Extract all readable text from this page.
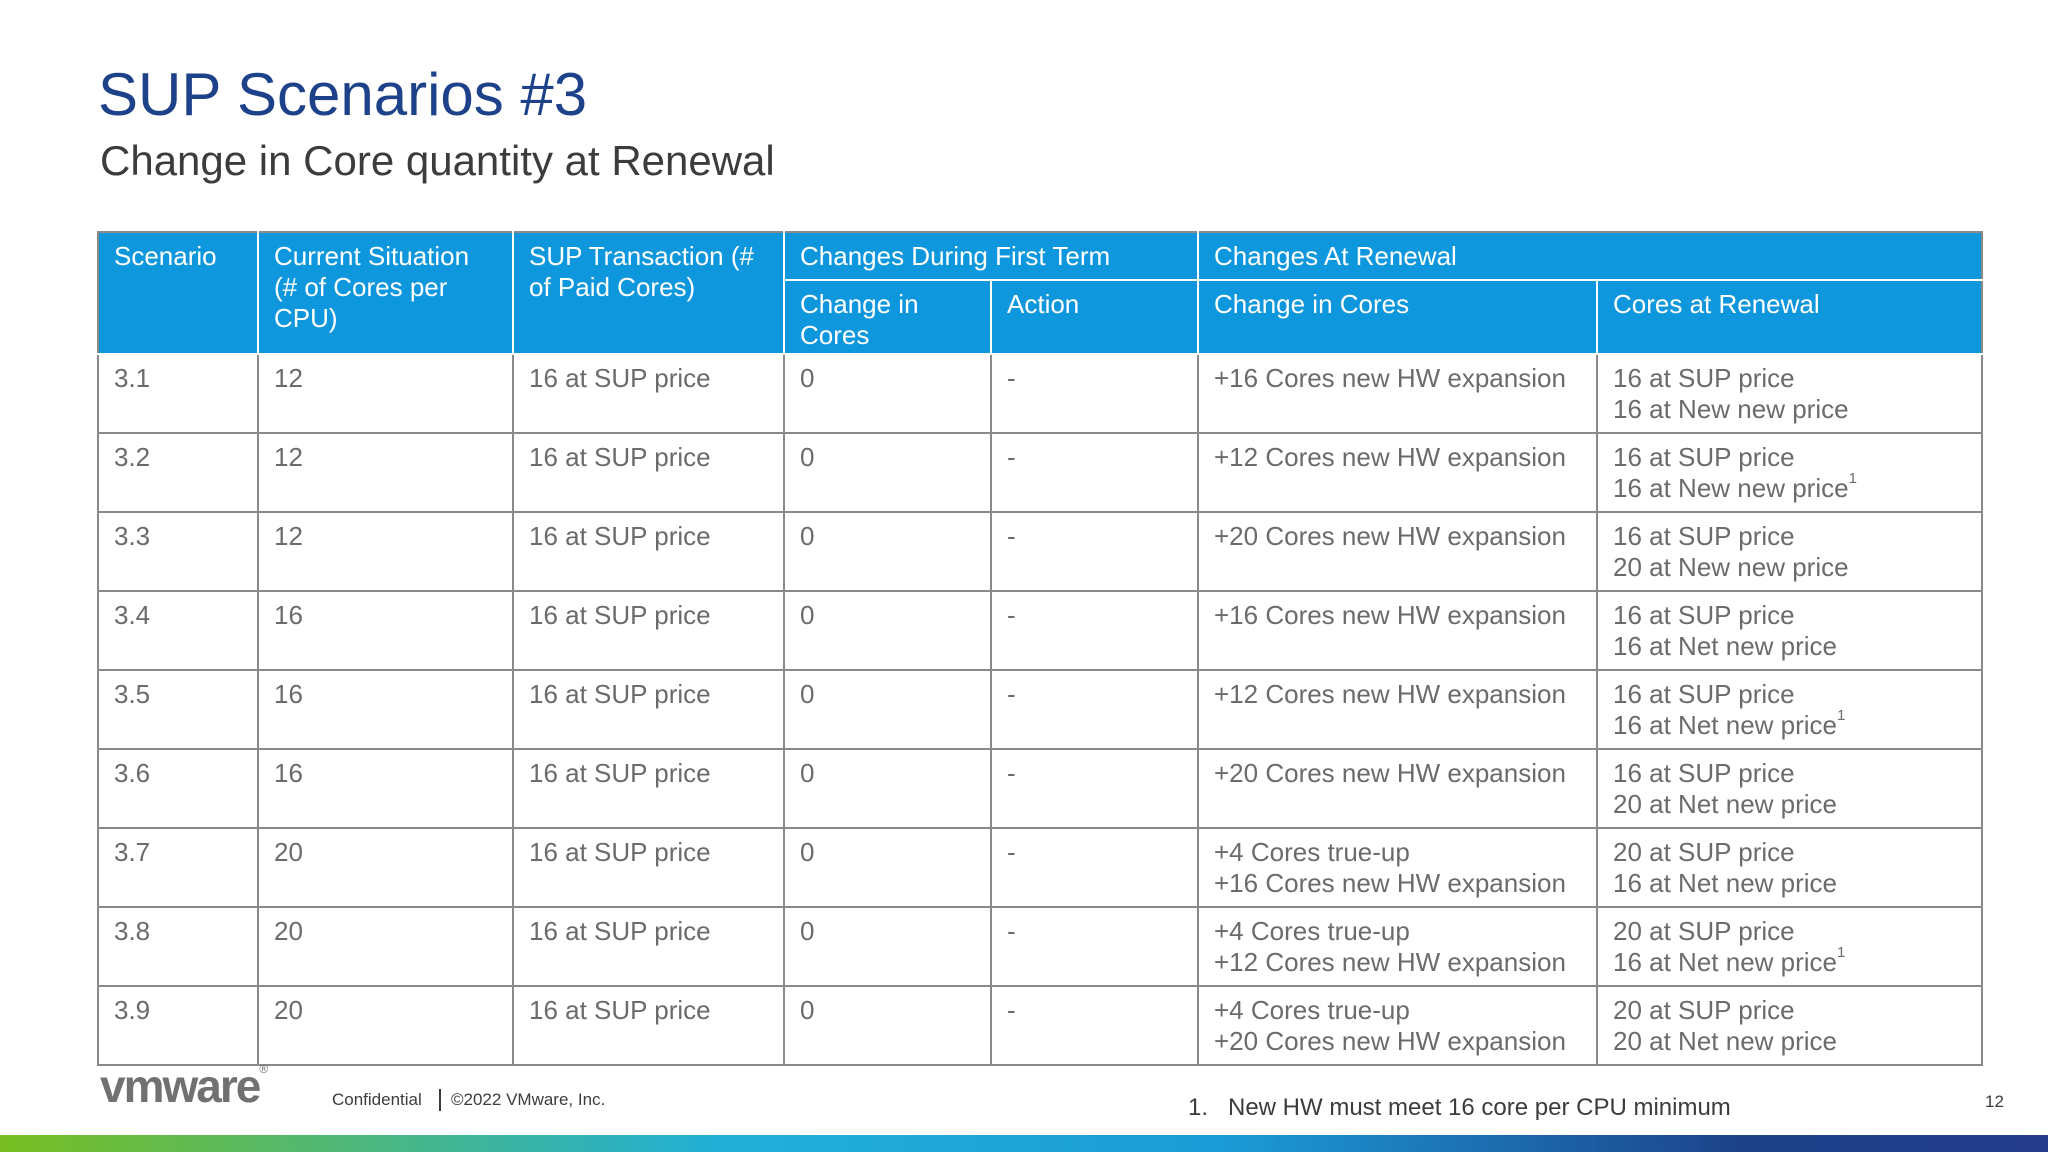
SUP Scenarios #3
Change in Core quantity at Renewal
Scenario	Current Situation (# of Cores per CPU)	SUP Transaction (# of Paid Cores)	Changes During First Term		Changes At Renewal	
			Change in Cores	Action	Change in Cores	Cores at Renewal
3.1	12	16 at SUP price	0	-	+16 Cores new HW expansion	16 at SUP price
16 at New new price

3.2	12	16 at SUP price	0	-	+12 Cores new HW expansion	16 at SUP price
16 at New new price$^1$

3.3	12	16 at SUP price	0	-	+20 Cores new HW expansion	16 at SUP price
20 at New new price

3.4	16	16 at SUP price	0	-	+16 Cores new HW expansion	16 at SUP price
16 at Net new price

3.5	16	16 at SUP price	0	-	+12 Cores new HW expansion	16 at SUP price
16 at Net new price$^1$

3.6	16	16 at SUP price	0	-	+20 Cores new HW expansion	16 at SUP price
20 at Net new price

3.7	20	16 at SUP price	0	-	+4 Cores true-up
+16 Cores new HW expansion	20 at SUP price
16 at Net new price

3.8	20	16 at SUP price	0	-	+4 Cores true-up
+12 Cores new HW expansion	20 at SUP price
16 at Net new price$^1$

3.9	20	16 at SUP price	0	-	+4 Cores true-up
+20 Cores new HW expansion	20 at SUP price
20 at Net new price
vmware®
Confidential ©2022 VMware, Inc.	1. New HW must meet 16 core per CPU minimum	12
